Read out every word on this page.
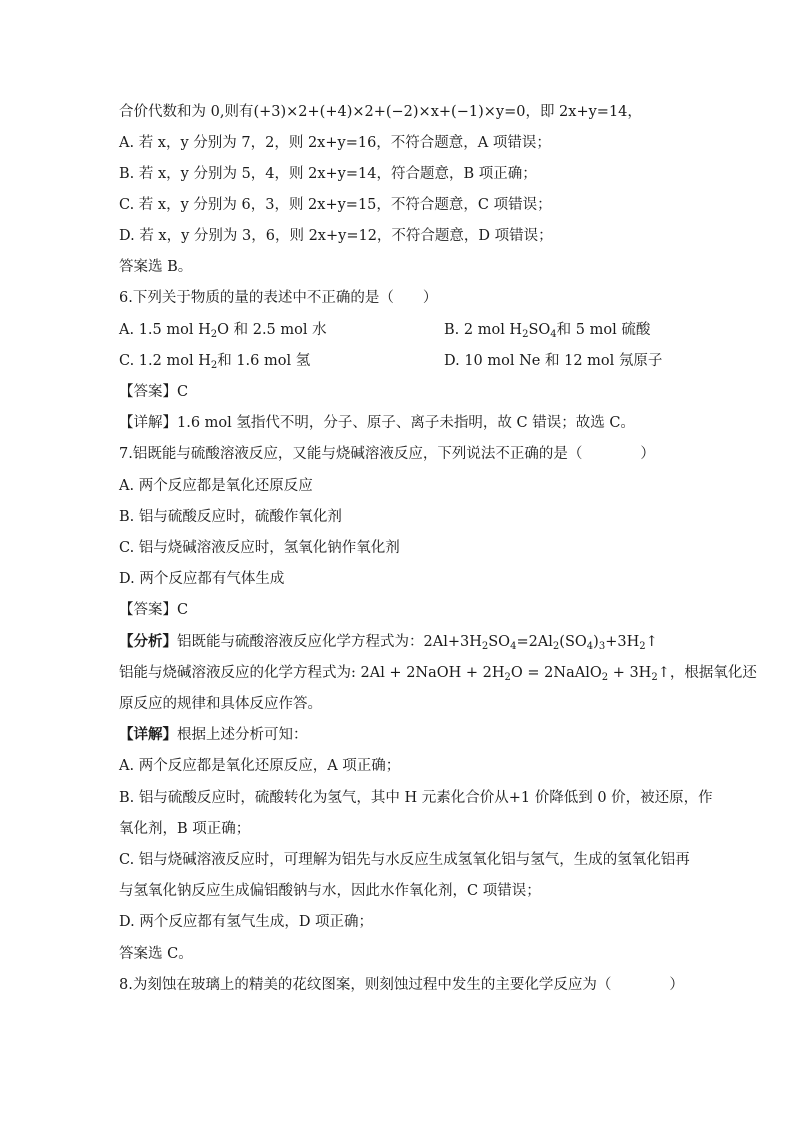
合价代数和为 0,则有(+3)×2+(+4)×2+(−2)×x+(−1)×y=0，即 2x+y=14，
A. 若 x，y 分别为 7，2，则 2x+y=16，不符合题意，A 项错误；
B. 若 x，y 分别为 5，4，则 2x+y=14，符合题意，B 项正确；
C. 若 x，y 分别为 6，3，则 2x+y=15，不符合题意，C 项错误；
D. 若 x，y 分别为 3，6，则 2x+y=12，不符合题意，D 项错误；
答案选 B。
6.下列关于物质的量的表述中不正确的是（　　）
A. 1.5 mol $H_2O$ 和 2.5 mol 水	B. 2 mol $H_2SO_4$和 5 mol 硫酸
C. 1.2 mol $H_2$和 1.6 mol 氢	D. 10 mol Ne 和 12 mol 氖原子
【答案】C
【详解】1.6 mol 氢指代不明，分子、原子、离子未指明，故 C 错误；故选 C。
7.铝既能与硫酸溶液反应，又能与烧碱溶液反应，下列说法不正确的是（　　　　）
A. 两个反应都是氧化还原反应
B. 铝与硫酸反应时，硫酸作氧化剂
C. 铝与烧碱溶液反应时，氢氧化钠作氧化剂
D. 两个反应都有气体生成
【答案】C
【分析】铝既能与硫酸溶液反应化学方程式为：$2Al+3H_2SO_4=2Al_2(SO_4)_3+3H_2↑$
铝能与烧碱溶液反应的化学方程式为: 2Al + 2NaOH + $2H_2O$ = 2NaAlO$_2$ + $3H_2↑$，根据氧化还
原反应的规律和具体反应作答。
【详解】根据上述分析可知：
A. 两个反应都是氧化还原反应，A 项正确；
B. 铝与硫酸反应时，硫酸转化为氢气，其中 H 元素化合价从+1 价降低到 0 价，被还原，作
氧化剂，B 项正确；
C. 铝与烧碱溶液反应时，可理解为铝先与水反应生成氢氧化铝与氢气，生成的氢氧化铝再
与氢氧化钠反应生成偏铝酸钠与水，因此水作氧化剂，C 项错误；
D. 两个反应都有氢气生成，D 项正确；
答案选 C。
8.为刻蚀在玻璃上的精美的花纹图案，则刻蚀过程中发生的主要化学反应为（　　　　）
